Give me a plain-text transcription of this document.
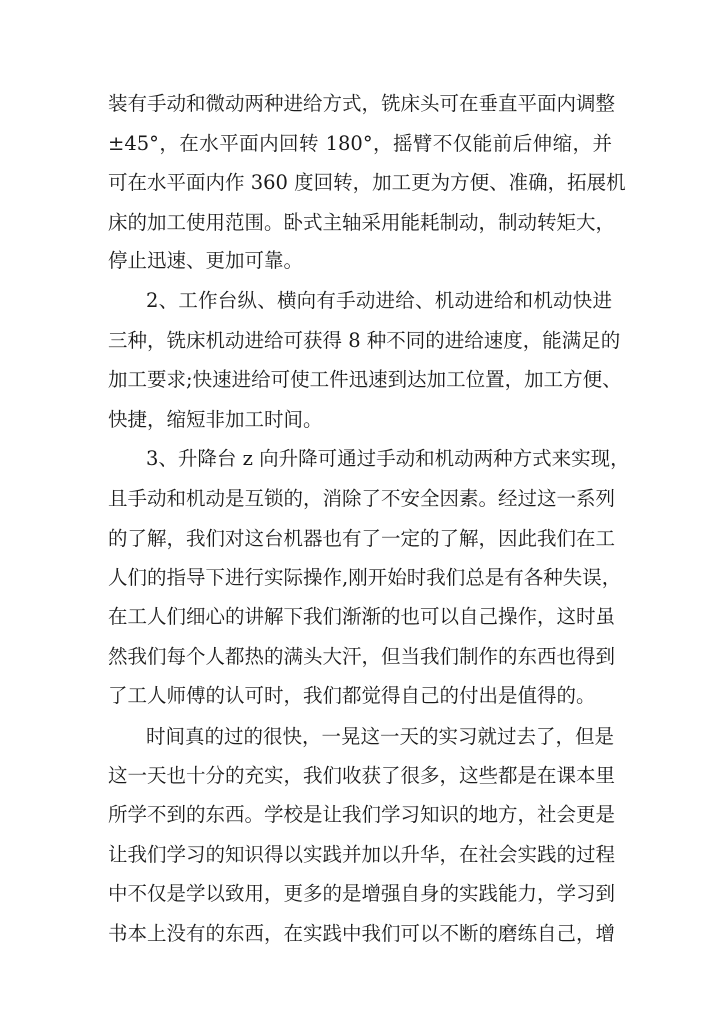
装有手动和微动两种进给方式，铣床头可在垂直平面内调整
±45°，在水平面内回转 180°，摇臂不仅能前后伸缩，并
可在水平面内作 360 度回转，加工更为方便、准确，拓展机
床的加工使用范围。卧式主轴采用能耗制动，制动转矩大，
停止迅速、更加可靠。
2、工作台纵、横向有手动进给、机动进给和机动快进
三种，铣床机动进给可获得 8 种不同的进给速度，能满足的
加工要求;快速进给可使工件迅速到达加工位置，加工方便、
快捷，缩短非加工时间。
3、升降台 z 向升降可通过手动和机动两种方式来实现，
且手动和机动是互锁的，消除了不安全因素。经过这一系列
的了解，我们对这台机器也有了一定的了解，因此我们在工
人们的指导下进行实际操作,刚开始时我们总是有各种失误，
在工人们细心的讲解下我们渐渐的也可以自己操作，这时虽
然我们每个人都热的满头大汗，但当我们制作的东西也得到
了工人师傅的认可时，我们都觉得自己的付出是值得的。
时间真的过的很快，一晃这一天的实习就过去了，但是
这一天也十分的充实，我们收获了很多，这些都是在课本里
所学不到的东西。学校是让我们学习知识的地方，社会更是
让我们学习的知识得以实践并加以升华，在社会实践的过程
中不仅是学以致用，更多的是增强自身的实践能力，学习到
书本上没有的东西，在实践中我们可以不断的磨练自己，增
